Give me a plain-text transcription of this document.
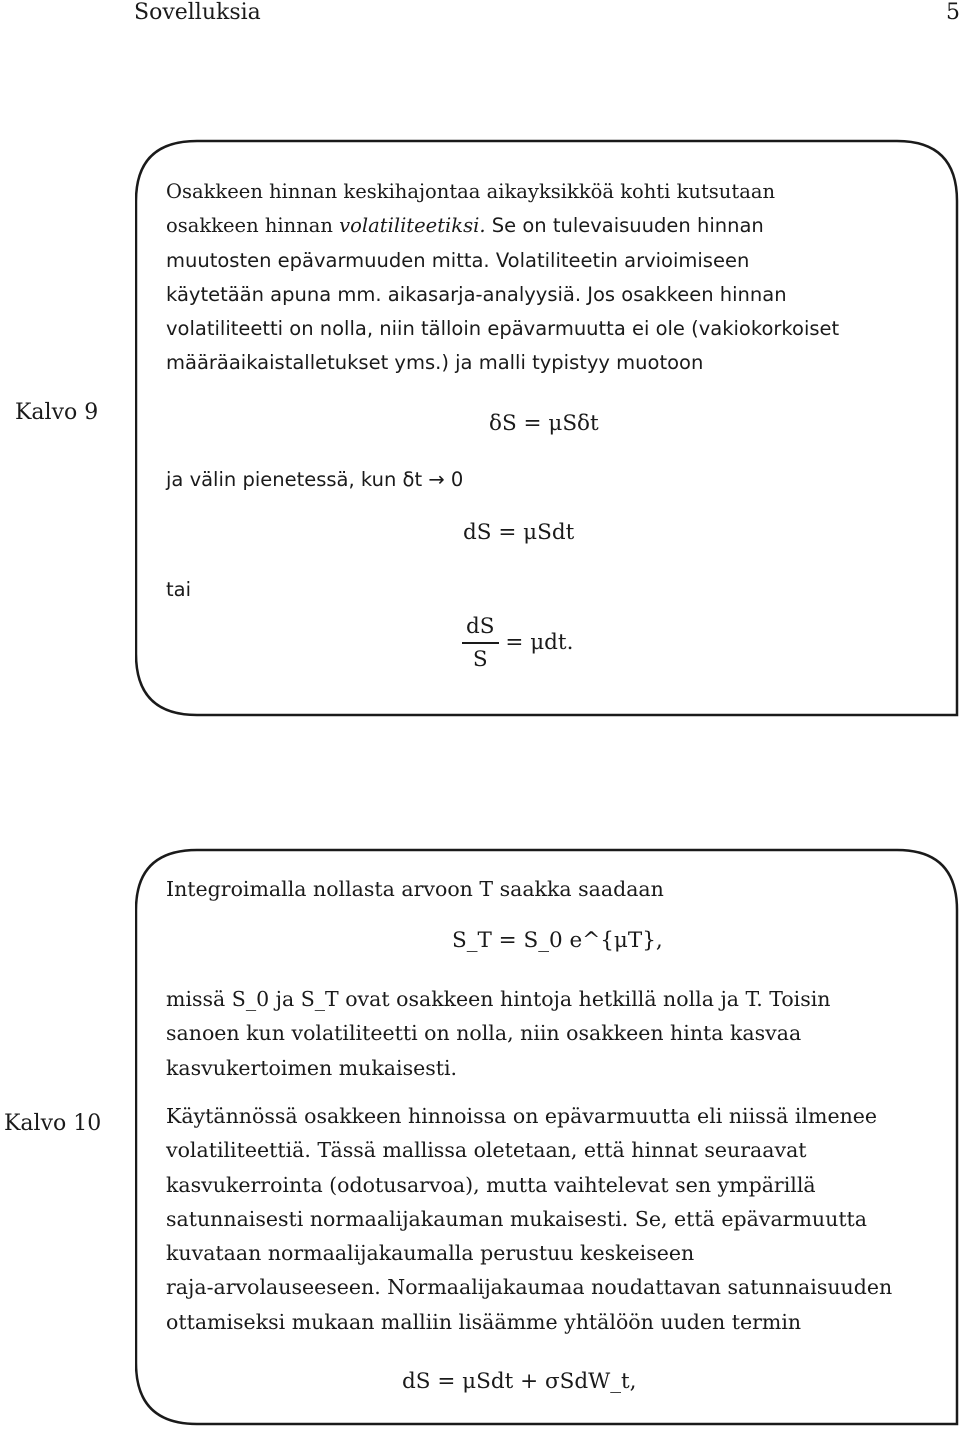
Sovelluksia	5
Kalvo 9
Osakkeen hinnan keskihajontaa aikayksikköä kohti kutsutaan
osakkeen hinnan volatiliteetiksi. Se on tulevaisuuden hinnan
muutosten epävarmuuden mitta. Volatiliteetin arvioimiseen
käytetään apuna mm. aikasarja-analyysiä. Jos osakkeen hinnan
volatiliteetti on nolla, niin tälloin epävarmuutta ei ole (vakiokorkoiset
määräaikaistalletukset yms.) ja malli typistyy muotoon
δS = μSδt
ja välin pienetessä, kun δt → 0
dS = μSdt
tai
$\frac{dS}{S} = \mu dt$.
Kalvo 10
Integroimalla nollasta arvoon T saakka saadaan
S_T = S_0 e^{μT},
missä S_0 ja S_T ovat osakkeen hintoja hetkillä nolla ja T. Toisin
sanoen kun volatiliteetti on nolla, niin osakkeen hinta kasvaa
kasvukertoimen mukaisesti.
Käytännössä osakkeen hinnoissa on epävarmuutta eli niissä ilmenee
volatiliteettiä. Tässä mallissa oletetaan, että hinnat seuraavat
kasvukerrointa (odotusarvoa), mutta vaihtelevat sen ympärillä
satunnaisesti normaalijakauman mukaisesti. Se, että epävarmuutta
kuvataan normaalijakaumalla perustuu keskeiseen
raja-arvolauseeseen. Normaalijakaumaa noudattavan satunnaisuuden
ottamiseksi mukaan malliin lisäämme yhtälöön uuden termin
dS = μSdt + σSdW_t,
